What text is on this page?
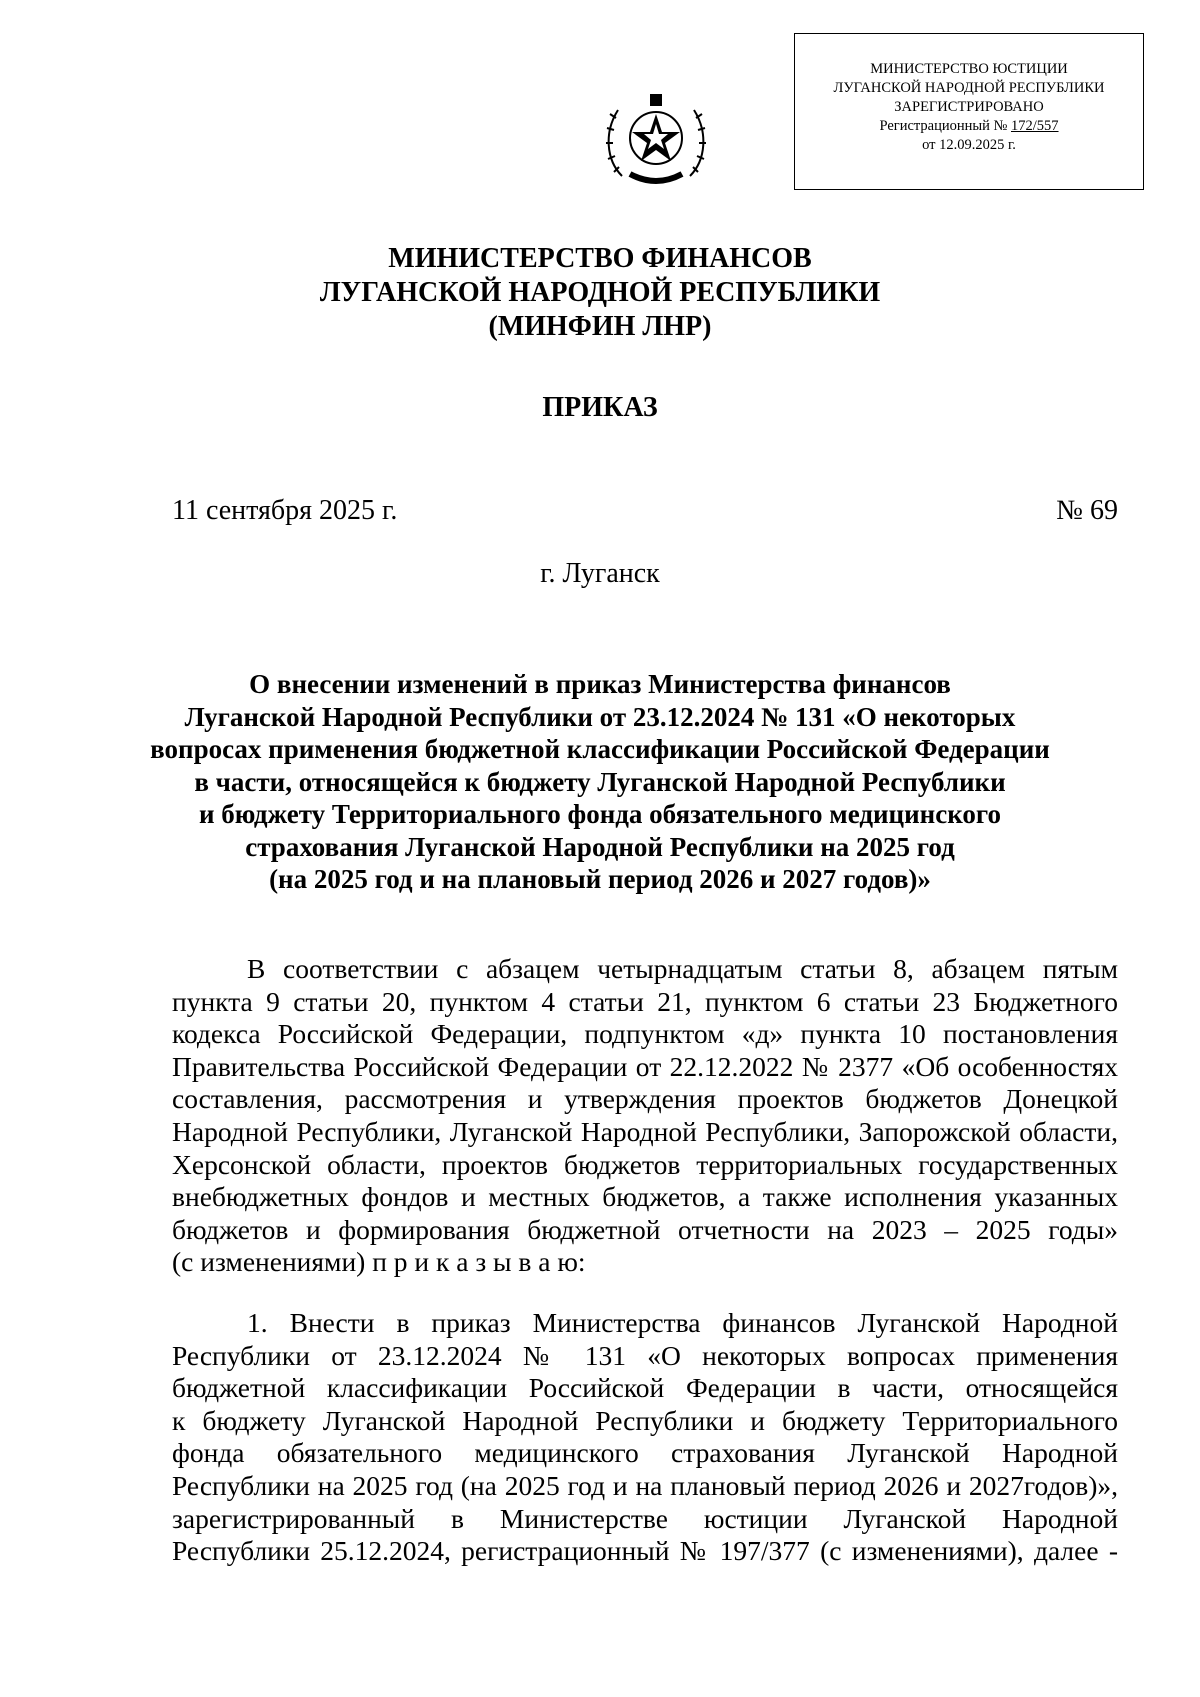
МИНИСТЕРСТВО ЮСТИЦИИ
ЛУГАНСКОЙ НАРОДНОЙ РЕСПУБЛИКИ
ЗАРЕГИСТРИРОВАНО
Регистрационный № 172/557
от 12.09.2025 г.
МИНИСТЕРСТВО ФИНАНСОВ
ЛУГАНСКОЙ НАРОДНОЙ РЕСПУБЛИКИ
(МИНФИН ЛНР)
ПРИКАЗ
11 сентября 2025 г.	№ 69
г. Луганск
О внесении изменений в приказ Министерства финансов
Луганской Народной Республики от 23.12.2024 № 131 «О некоторых
вопросах применения бюджетной классификации Российской Федерации
в части, относящейся к бюджету Луганской Народной Республики
и бюджету Территориального фонда обязательного медицинского
страхования Луганской Народной Республики на 2025 год
(на 2025 год и на плановый период 2026 и 2027 годов)»
В соответствии с абзацем четырнадцатым статьи 8, абзацем пятым
пункта 9 статьи 20, пунктом 4 статьи 21, пунктом 6 статьи 23 Бюджетного
кодекса Российской Федерации, подпунктом «д» пункта 10 постановления
Правительства Российской Федерации от 22.12.2022 № 2377 «Об особенностях
составления, рассмотрения и утверждения проектов бюджетов Донецкой
Народной Республики, Луганской Народной Республики, Запорожской области,
Херсонской области, проектов бюджетов территориальных государственных
внебюджетных фондов и местных бюджетов, а также исполнения указанных
бюджетов и формирования бюджетной отчетности на 2023 – 2025 годы»
(с изменениями) п р и к а з ы в а ю:
1. Внести в приказ Министерства финансов Луганской Народной
Республики от 23.12.2024 № 131 «О некоторых вопросах применения
бюджетной классификации Российской Федерации в части, относящейся
к бюджету Луганской Народной Республики и бюджету Территориального
фонда обязательного медицинского страхования Луганской Народной
Республики на 2025 год (на 2025 год и на плановый период 2026 и 2027годов)»,
зарегистрированный в Министерстве юстиции Луганской Народной
Республики 25.12.2024, регистрационный № 197/377 (с изменениями), далее -
